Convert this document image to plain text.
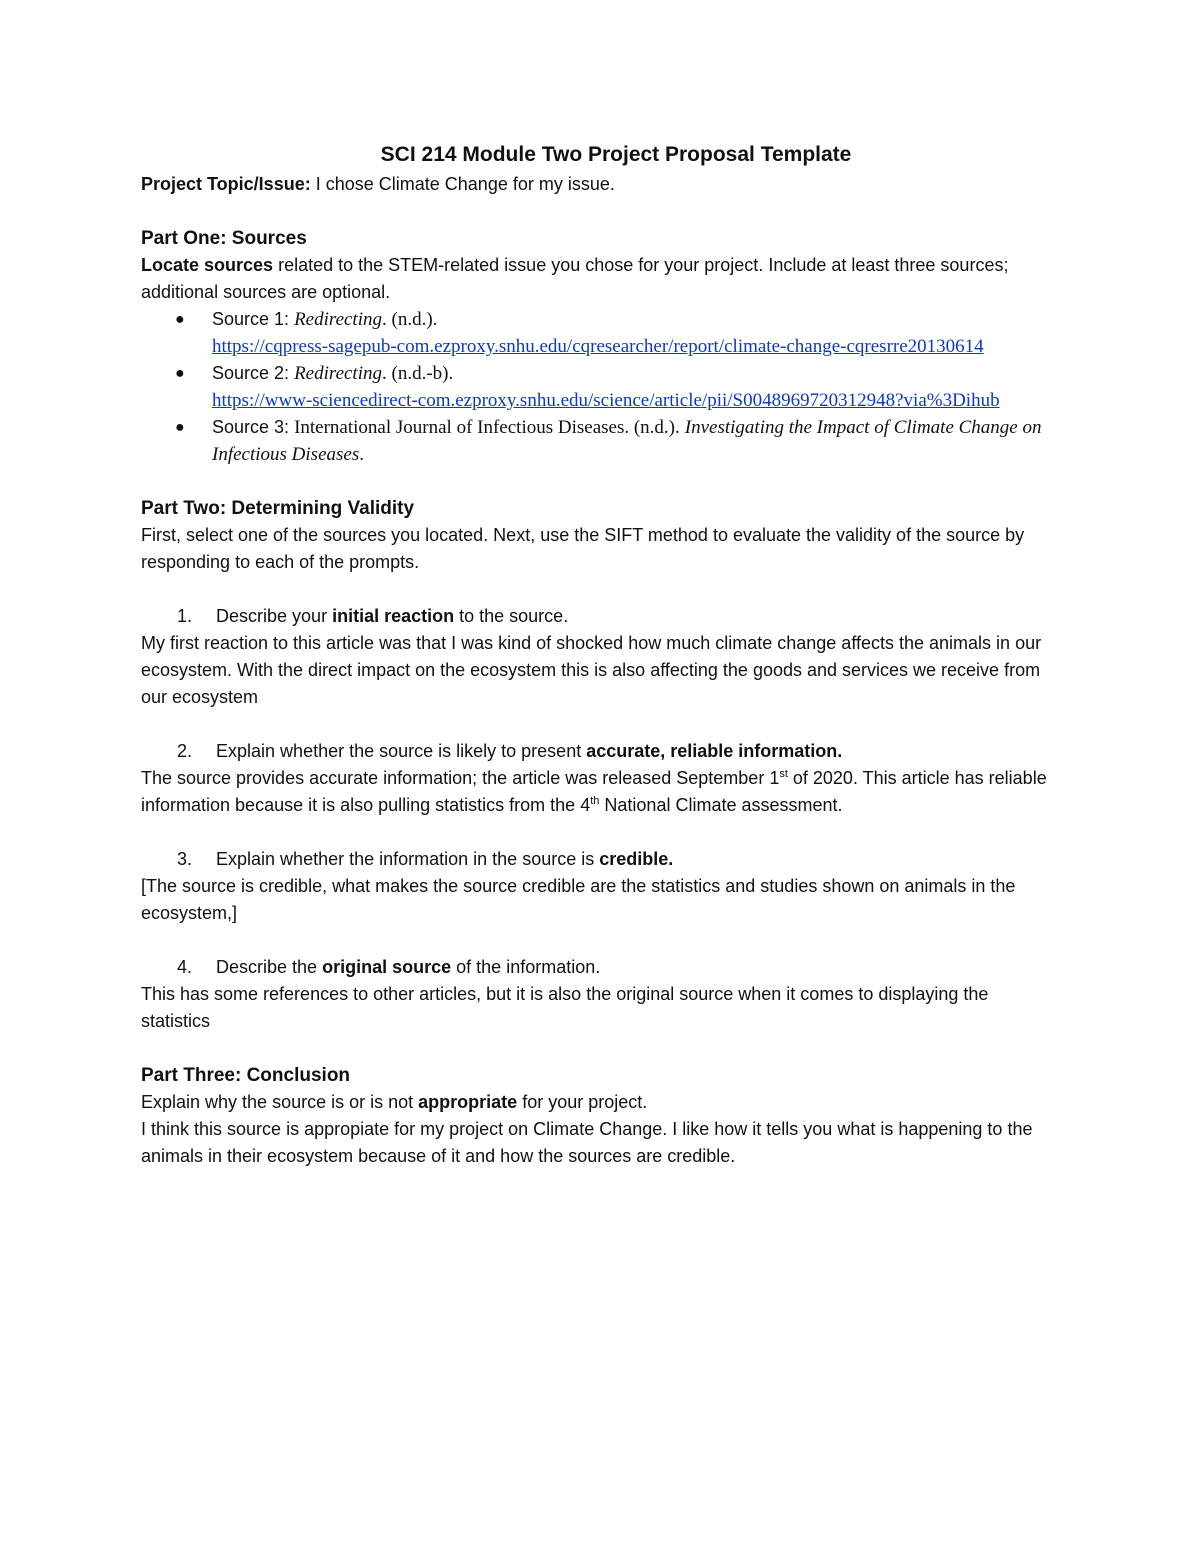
SCI 214 Module Two Project Proposal Template

Project Topic/Issue: I chose Climate Change for my issue.

Part One: Sources

Locate sources related to the STEM-related issue you chose for your project. Include at least three sources; additional sources are optional.

● Source 1: Redirecting. (n.d.).
https://cqpress-sagepub-com.ezproxy.snhu.edu/cqresearcher/report/climate-change-cqresrre20130614
● Source 2: Redirecting. (n.d.-b).
https://www-sciencedirect-com.ezproxy.snhu.edu/science/article/pii/S0048969720312948?via%3Dihub
● Source 3: International Journal of Infectious Diseases. (n.d.). Investigating the Impact of Climate Change on Infectious Diseases.

Part Two: Determining Validity

First, select one of the sources you located. Next, use the SIFT method to evaluate the validity of the source by responding to each of the prompts.

1. Describe your initial reaction to the source.

My first reaction to this article was that I was kind of shocked how much climate change affects the animals in our ecosystem. With the direct impact on the ecosystem this is also affecting the goods and services we receive from our ecosystem

2. Explain whether the source is likely to present accurate, reliable information.

The source provides accurate information; the article was released September 1st of 2020. This article has reliable information because it is also pulling statistics from the 4th National Climate assessment.

3. Explain whether the information in the source is credible.

[The source is credible, what makes the source credible are the statistics and studies shown on animals in the ecosystem,]

4. Describe the original source of the information.

This has some references to other articles, but it is also the original source when it comes to displaying the statistics

Part Three: Conclusion

Explain why the source is or is not appropriate for your project.

I think this source is appropiate for my project on Climate Change. I like how it tells you what is happening to the animals in their ecosystem because of it and how the sources are credible.
